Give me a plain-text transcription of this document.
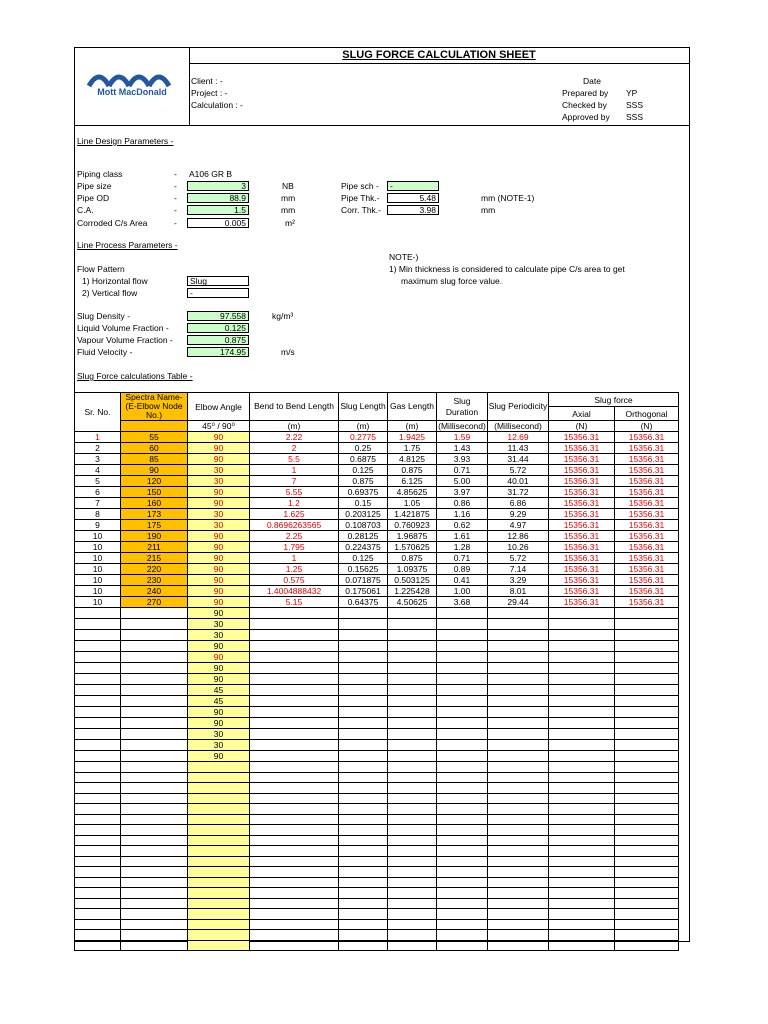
Mott MacDonald
SLUG FORCE CALCULATION SHEET
Client : -
Project : -
Calculation : -
Date
Prepared by YP
Checked by SSS
Approved by SSS
Line Design Parameters -
Piping class	- A106 GR B
Pipe size	-	3	NB
Pipe OD	-	88.9	mm
C.A.	-	1.5	mm
Corroded C/s Area	-	0.005	m²
Pipe sch -	-
Pipe Thk.-	5.48	mm (NOTE-1)
Corr. Thk.-	3.98	mm
Line Process Parameters -
NOTE-)
1) Min thickness is considered to calculate pipe C/s area to get
maximum slug force value.
Flow Pattern
1) Horizontal flow	Slug
2) Vertical flow	-
Slug Density -	97.558	kg/m³
Liquid Volume Fraction -	0.125
Vapour Volume Fraction -	0.875
Fluid Velocity -	174.95	m/s
Slug Force calculations Table -
Sr. No.	Spectra Name-(E-Elbow Node No.)	Elbow Angle	Bend to Bend Length	Slug Length	Gas Length	Slug Duration	Slug Periodicity	Slug force	
								Axial	Orthogonal
		45⁰ / 90⁰	(m)	(m)	(m)	(Millisecond)	(Millisecond)	(N)	(N)
1	55	90	2.22	0.2775	1.9425	1.59	12.69	15356.31	15356.31
2	60	90	2	0.25	1.75	1.43	11.43	15356.31	15356.31
3	85	90	5.5	0.6875	4.8125	3.93	31.44	15356.31	15356.31
4	90	30	1	0.125	0.875	0.71	5.72	15356.31	15356.31
5	120	30	7	0.875	6.125	5.00	40.01	15356.31	15356.31
6	150	90	5.55	0.69375	4.85625	3.97	31.72	15356.31	15356.31
7	160	90	1.2	0.15	1.05	0.86	6.86	15356.31	15356.31
8	173	30	1.625	0.203125	1.421875	1.16	9.29	15356.31	15356.31
9	175	30	0.8696263565	0.108703	0.760923	0.62	4.97	15356.31	15356.31
10	190	90	2.25	0.28125	1.96875	1.61	12.86	15356.31	15356.31
10	211	90	1.795	0.224375	1.570625	1.28	10.26	15356.31	15356.31
10	215	90	1	0.125	0.875	0.71	5.72	15356.31	15356.31
10	220	90	1.25	0.15625	1.09375	0.89	7.14	15356.31	15356.31
10	230	90	0.575	0.071875	0.503125	0.41	3.29	15356.31	15356.31
10	240	90	1.4004888432	0.175061	1.225428	1.00	8.01	15356.31	15356.31
10	270	90	5.15	0.64375	4.50625	3.68	29.44	15356.31	15356.31
		90							
		30							
		30							
		90							
		90							
		90							
		90							
		45							
		45							
		90							
		90							
		30							
		30							
		90							
